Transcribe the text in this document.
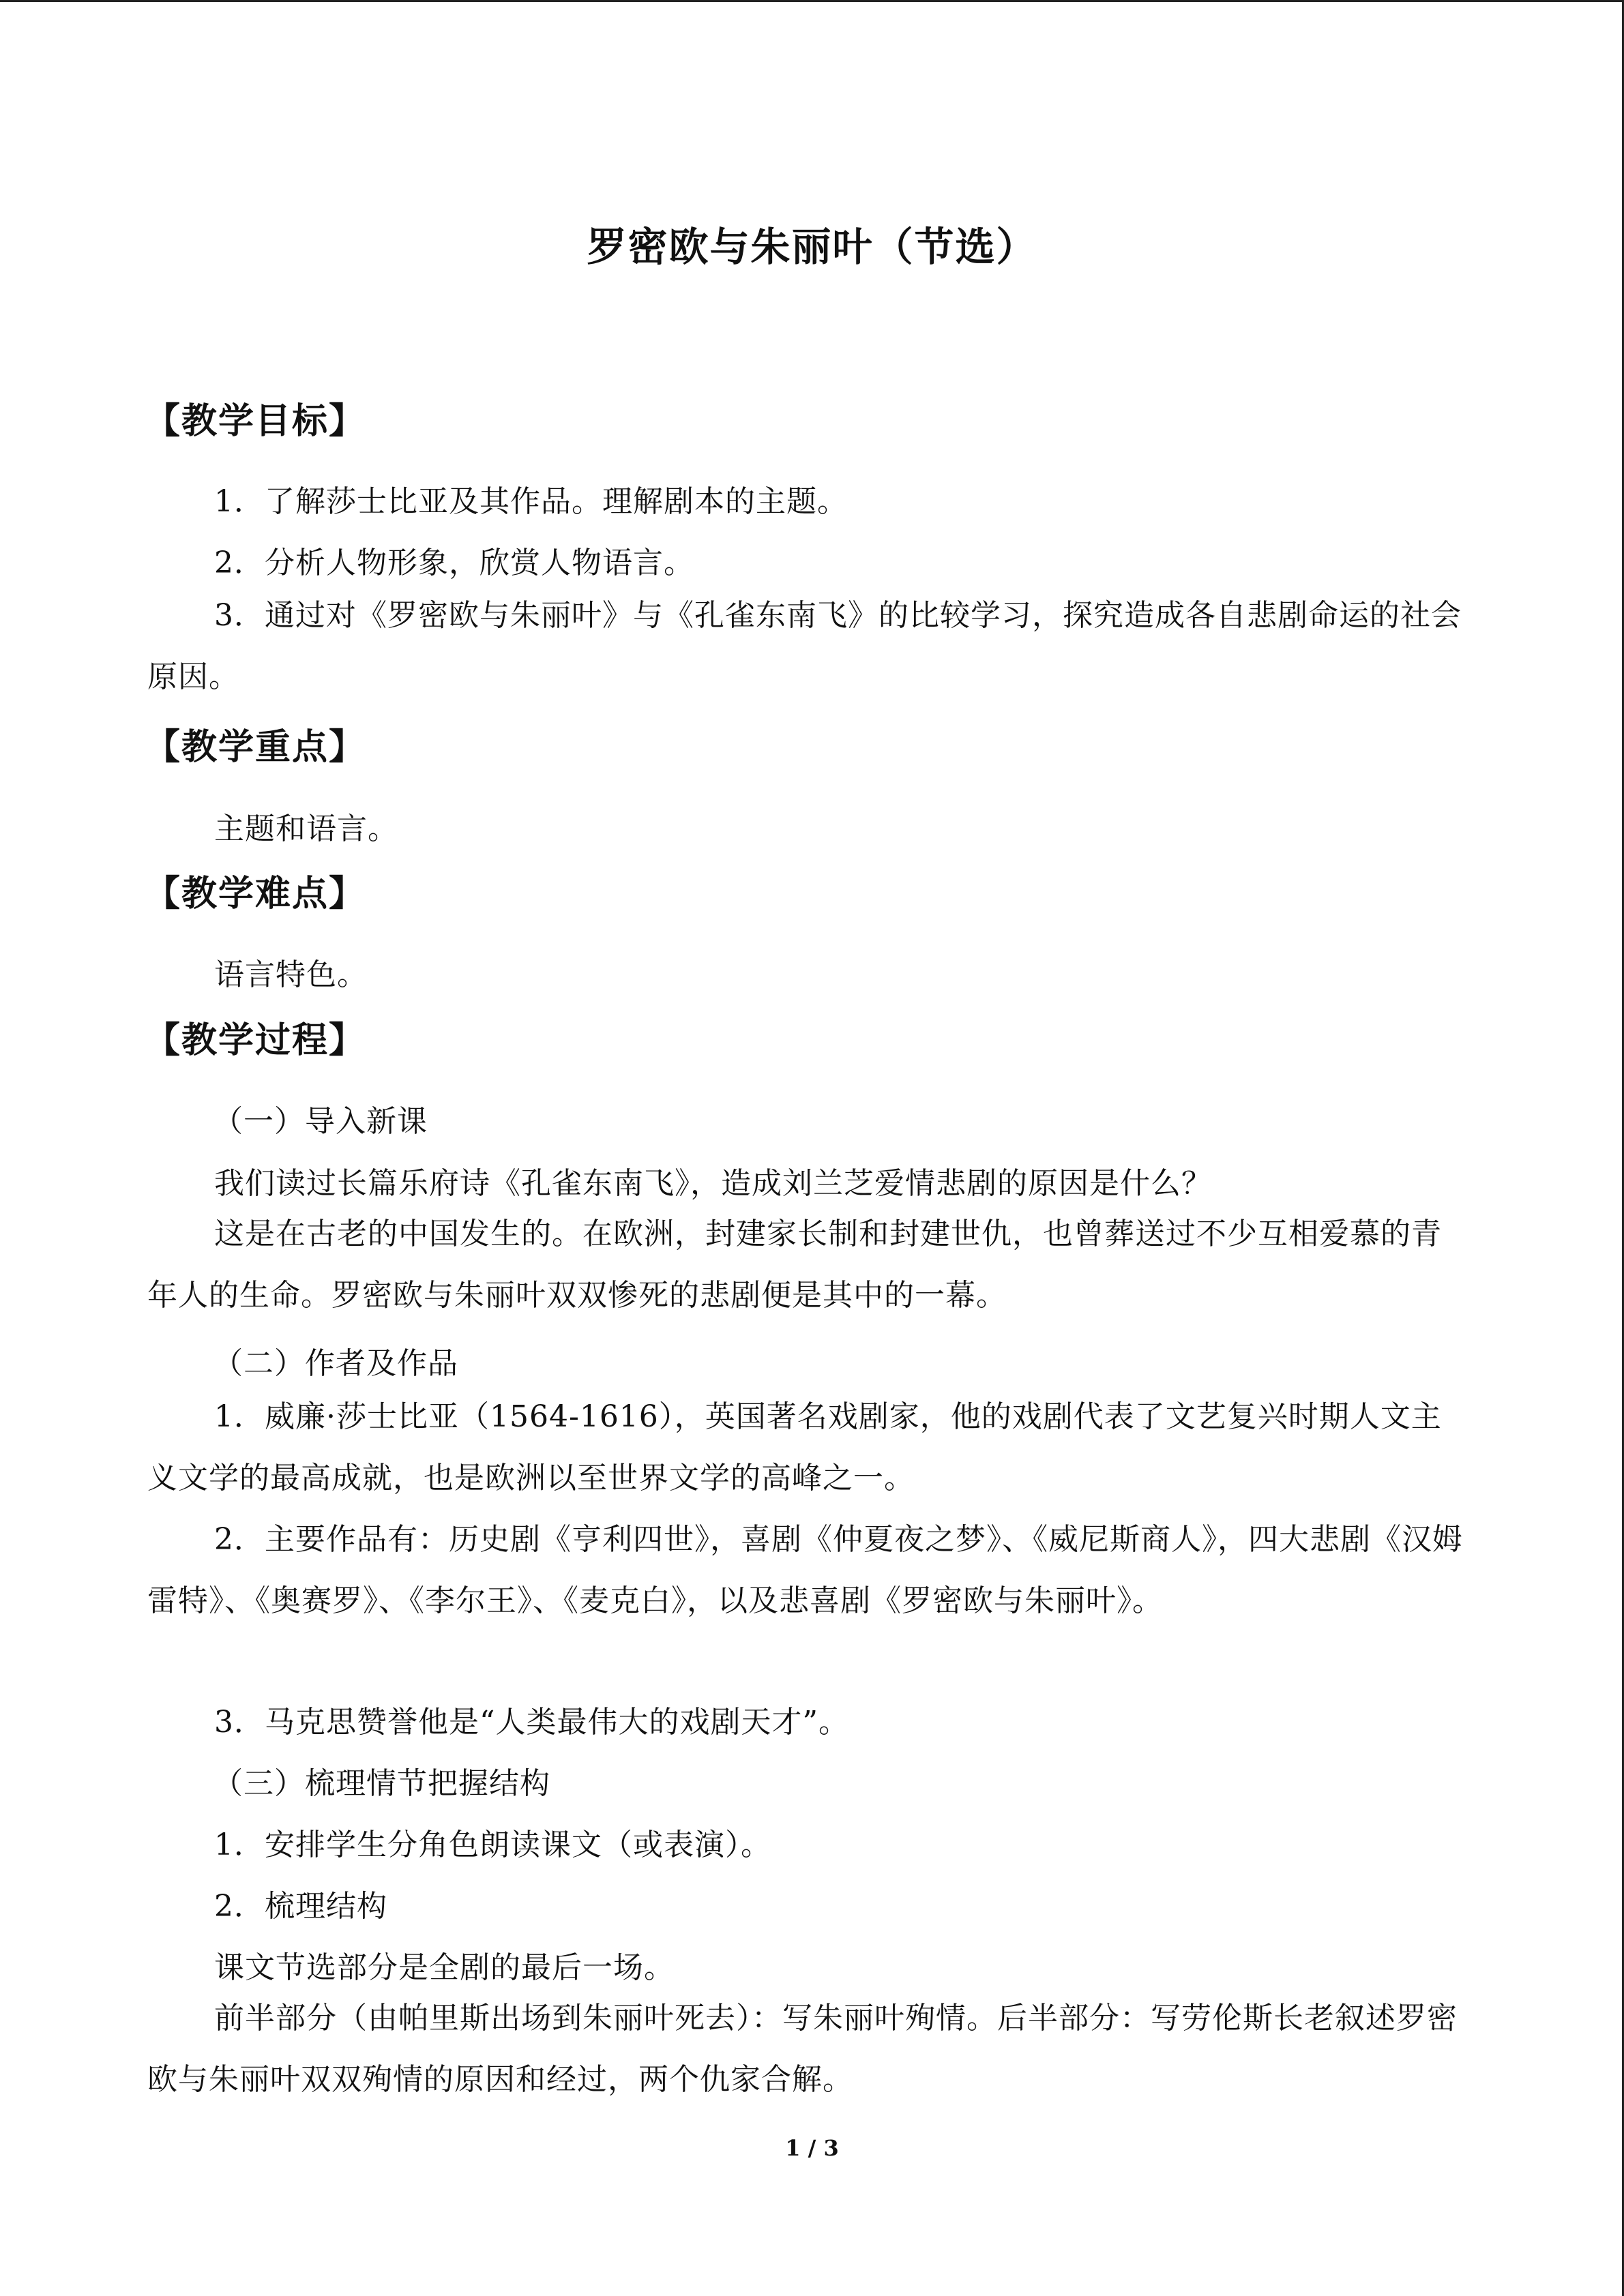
罗密欧与朱丽叶（节选）
【教学目标】
1．了解莎士比亚及其作品。理解剧本的主题。
2．分析人物形象，欣赏人物语言。
3．通过对《罗密欧与朱丽叶》与《孔雀东南飞》的比较学习，探究造成各自悲剧命运的社会原因。
【教学重点】
主题和语言。
【教学难点】
语言特色。
【教学过程】
（一）导入新课
我们读过长篇乐府诗《孔雀东南飞》，造成刘兰芝爱情悲剧的原因是什么？
这是在古老的中国发生的。在欧洲，封建家长制和封建世仇，也曾葬送过不少互相爱慕的青年人的生命。罗密欧与朱丽叶双双惨死的悲剧便是其中的一幕。
（二）作者及作品
1．威廉·莎士比亚（1564-1616），英国著名戏剧家，他的戏剧代表了文艺复兴时期人文主义文学的最高成就，也是欧洲以至世界文学的高峰之一。
2．主要作品有：历史剧《亨利四世》，喜剧《仲夏夜之梦》、《威尼斯商人》，四大悲剧《汉姆雷特》、《奥赛罗》、《李尔王》、《麦克白》，以及悲喜剧《罗密欧与朱丽叶》。
3．马克思赞誉他是“人类最伟大的戏剧天才”。
（三）梳理情节把握结构
1．安排学生分角色朗读课文（或表演）。
2．梳理结构
课文节选部分是全剧的最后一场。
前半部分（由帕里斯出场到朱丽叶死去）：写朱丽叶殉情。后半部分：写劳伦斯长老叙述罗密欧与朱丽叶双双殉情的原因和经过，两个仇家合解。
1 / 3
